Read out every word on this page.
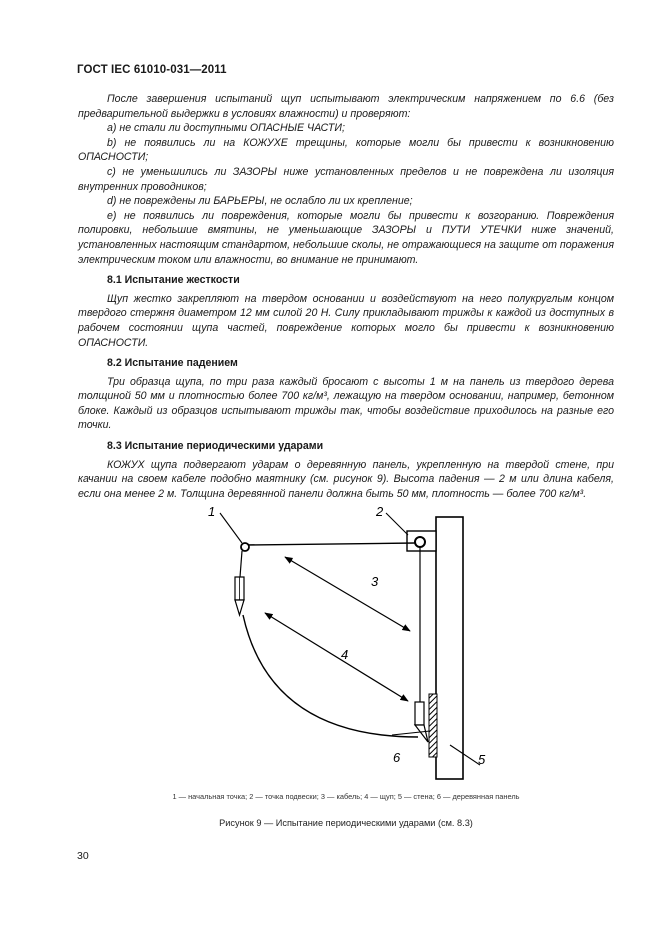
ГОСТ IEC 61010-031—2011

После завершения испытаний щуп испытывают электрическим напряжением по 6.6 (без предварительной выдержки в условиях влажности) и проверяют:

а) не стали ли доступными ОПАСНЫЕ ЧАСТИ;

b) не появились ли на КОЖУХЕ трещины, которые могли бы привести к возникновению ОПАСНОСТИ;

c) не уменьшились ли ЗАЗОРЫ ниже установленных пределов и не повреждена ли изоляция внутренних проводников;

d) не повреждены ли БАРЬЕРЫ, не ослабло ли их крепление;

e) не появились ли повреждения, которые могли бы привести к возгоранию. Повреждения полировки, небольшие вмятины, не уменьшающие ЗАЗОРЫ и ПУТИ УТЕЧКИ ниже значений, установленных настоящим стандартом, небольшие сколы, не отражающиеся на защите от поражения электрическим током или влажности, во внимание не принимают.

8.1 Испытание жесткости

Щуп жестко закрепляют на твердом основании и воздействуют на него полукруглым концом твердого стержня диаметром 12 мм силой 20 Н. Силу прикладывают трижды к каждой из доступных в рабочем состоянии щупа частей, повреждение которых могло бы привести к возникновению ОПАСНОСТИ.

8.2 Испытание падением

Три образца щупа, по три раза каждый бросают с высоты 1 м на панель из твердого дерева толщиной 50 мм и плотностью более 700 кг/м³, лежащую на твердом основании, например, бетонном блоке. Каждый из образцов испытывают трижды так, чтобы воздействие приходилось на разные его точки.

8.3 Испытание периодическими ударами

КОЖУХ щупа подвергают ударам о деревянную панель, укрепленную на твердой стене, при качании на своем кабеле подобно маятнику (см. рисунок 9). Высота падения — 2 м или длина кабеля, если она менее 2 м. Толщина деревянной панели должна быть 50 мм, плотность — более 700 кг/м³.

1	2
3
4
5
6
1 — начальная точка; 2 — точка подвески; 3 — кабель; 4 — щуп; 5 — стена; 6 — деревянная панель
Рисунок 9 — Испытание периодическими ударами (см. 8.3)
30
